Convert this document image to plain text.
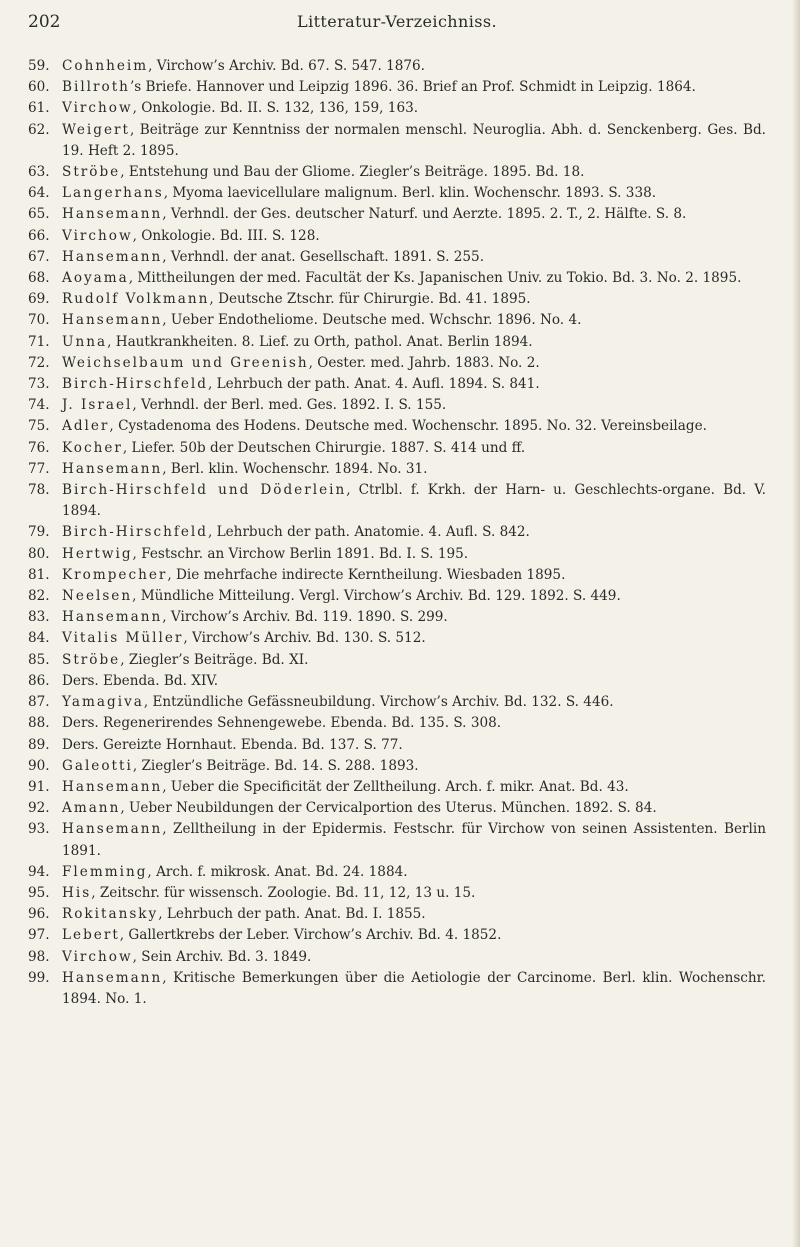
202	Litteratur-Verzeichniss.
59. Cohnheim, Virchow’s Archiv. Bd. 67. S. 547. 1876.
60. Billroth’s Briefe. Hannover und Leipzig 1896. 36. Brief an Prof. Schmidt in Leipzig. 1864.
61. Virchow, Onkologie. Bd. II. S. 132, 136, 159, 163.
62. Weigert, Beiträge zur Kenntniss der normalen menschl. Neuroglia. Abh. d. Senckenberg. Ges. Bd. 19. Heft 2. 1895.
63. Ströbe, Entstehung und Bau der Gliome. Ziegler’s Beiträge. 1895. Bd. 18.
64. Langerhans, Myoma laevicellulare malignum. Berl. klin. Wochenschr. 1893. S. 338.
65. Hansemann, Verhndl. der Ges. deutscher Naturf. und Aerzte. 1895. 2. T., 2. Hälfte. S. 8.
66. Virchow, Onkologie. Bd. III. S. 128.
67. Hansemann, Verhndl. der anat. Gesellschaft. 1891. S. 255.
68. Aoyama, Mittheilungen der med. Facultät der Ks. Japanischen Univ. zu Tokio. Bd. 3. No. 2. 1895.
69. Rudolf Volkmann, Deutsche Ztschr. für Chirurgie. Bd. 41. 1895.
70. Hansemann, Ueber Endotheliome. Deutsche med. Wchschr. 1896. No. 4.
71. Unna, Hautkrankheiten. 8. Lief. zu Orth, pathol. Anat. Berlin 1894.
72. Weichselbaum und Greenish, Oester. med. Jahrb. 1883. No. 2.
73. Birch-Hirschfeld, Lehrbuch der path. Anat. 4. Aufl. 1894. S. 841.
74. J. Israel, Verhndl. der Berl. med. Ges. 1892. I. S. 155.
75. Adler, Cystadenoma des Hodens. Deutsche med. Wochenschr. 1895. No. 32. Vereinsbeilage.
76. Kocher, Liefer. 50b der Deutschen Chirurgie. 1887. S. 414 und ff.
77. Hansemann, Berl. klin. Wochenschr. 1894. No. 31.
78. Birch-Hirschfeld und Döderlein, Ctrlbl. f. Krkh. der Harn- u. Geschlechts-organe. Bd. V. 1894.
79. Birch-Hirschfeld, Lehrbuch der path. Anatomie. 4. Aufl. S. 842.
80. Hertwig, Festschr. an Virchow Berlin 1891. Bd. I. S. 195.
81. Krompecher, Die mehrfache indirecte Kerntheilung. Wiesbaden 1895.
82. Neelsen, Mündliche Mitteilung. Vergl. Virchow’s Archiv. Bd. 129. 1892. S. 449.
83. Hansemann, Virchow’s Archiv. Bd. 119. 1890. S. 299.
84. Vitalis Müller, Virchow’s Archiv. Bd. 130. S. 512.
85. Ströbe, Ziegler’s Beiträge. Bd. XI.
86. Ders. Ebenda. Bd. XIV.
87. Yamagiva, Entzündliche Gefässneubildung. Virchow’s Archiv. Bd. 132. S. 446.
88. Ders. Regenerirendes Sehnengewebe. Ebenda. Bd. 135. S. 308.
89. Ders. Gereizte Hornhaut. Ebenda. Bd. 137. S. 77.
90. Galeotti, Ziegler’s Beiträge. Bd. 14. S. 288. 1893.
91. Hansemann, Ueber die Specificität der Zelltheilung. Arch. f. mikr. Anat. Bd. 43.
92. Amann, Ueber Neubildungen der Cervicalportion des Uterus. München. 1892. S. 84.
93. Hansemann, Zelltheilung in der Epidermis. Festschr. für Virchow von seinen Assistenten. Berlin 1891.
94. Flemming, Arch. f. mikrosk. Anat. Bd. 24. 1884.
95. His, Zeitschr. für wissensch. Zoologie. Bd. 11, 12, 13 u. 15.
96. Rokitansky, Lehrbuch der path. Anat. Bd. I. 1855.
97. Lebert, Gallertkrebs der Leber. Virchow’s Archiv. Bd. 4. 1852.
98. Virchow, Sein Archiv. Bd. 3. 1849.
99. Hansemann, Kritische Bemerkungen über die Aetiologie der Carcinome. Berl. klin. Wochenschr. 1894. No. 1.
